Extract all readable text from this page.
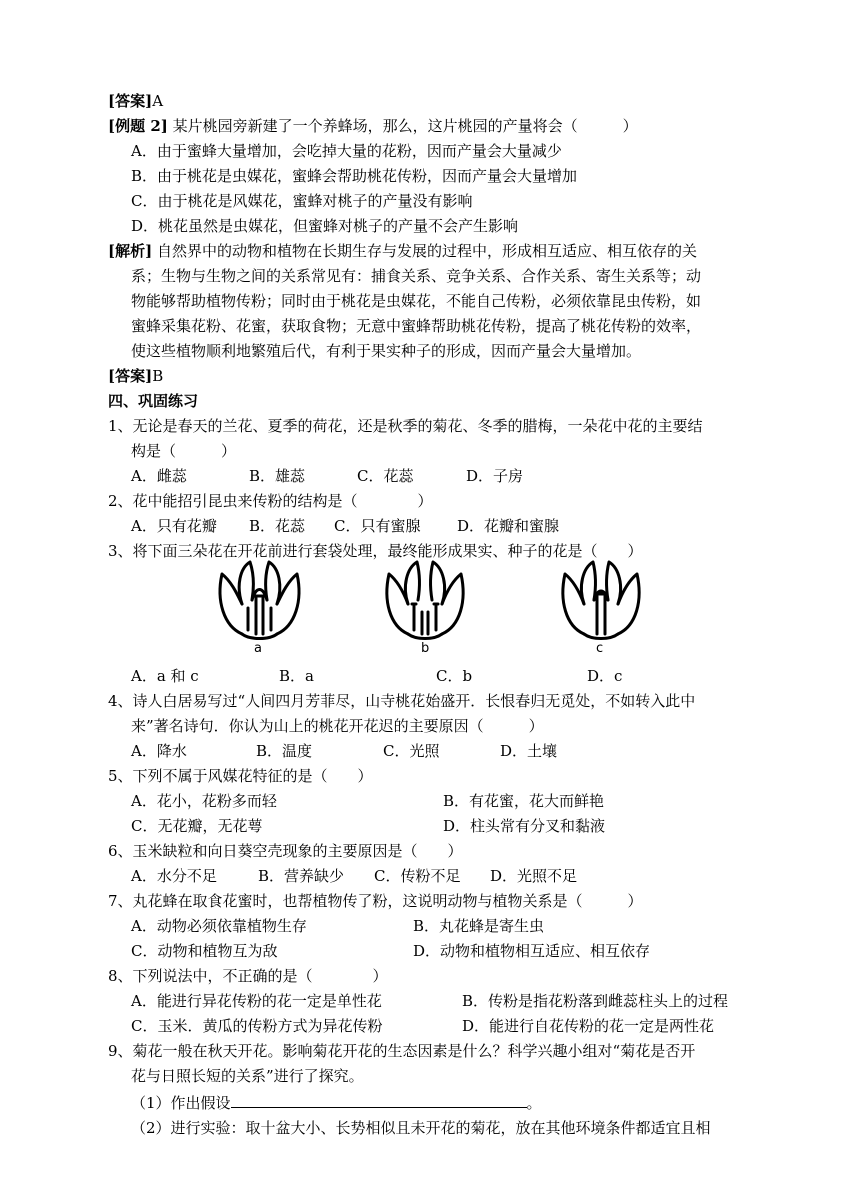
[答案]A
[例题 2] 某片桃园旁新建了一个养蜂场，那么，这片桃园的产量将会（　　　）
A．由于蜜蜂大量增加，会吃掉大量的花粉，因而产量会大量减少
B．由于桃花是虫媒花，蜜蜂会帮助桃花传粉，因而产量会大量增加
C．由于桃花是风媒花，蜜蜂对桃子的产量没有影响
D．桃花虽然是虫媒花，但蜜蜂对桃子的产量不会产生影响
[解析] 自然界中的动物和植物在长期生存与发展的过程中，形成相互适应、相互依存的关
系；生物与生物之间的关系常见有：捕食关系、竞争关系、合作关系、寄生关系等；动
物能够帮助植物传粉；同时由于桃花是虫媒花，不能自己传粉，必须依靠昆虫传粉，如
蜜蜂采集花粉、花蜜，获取食物；无意中蜜蜂帮助桃花传粉，提高了桃花传粉的效率，
使这些植物顺利地繁殖后代，有利于果实种子的形成，因而产量会大量增加。
[答案]B
四、巩固练习
1、无论是春天的兰花、夏季的荷花，还是秋季的菊花、冬季的腊梅，一朵花中花的主要结
构是（　　　）
A．雌蕊	B．雄蕊	C．花蕊	D．子房
2、花中能招引昆虫来传粉的结构是（　　　　）
A．只有花瓣 B．花蕊 C．只有蜜腺 D．花瓣和蜜腺
3、将下面三朵花在开花前进行套袋处理，最终能形成果实、种子的花是（　　）
a	b	c
A．a 和 c	B．a	C．b	D．c
4、诗人白居易写过“人间四月芳菲尽，山寺桃花始盛开．长恨春归无觅处，不如转入此中
来”著名诗句．你认为山上的桃花开花迟的主要原因（　　　）
A．降水	B．温度	C．光照	D．土壤
5、下列不属于风媒花特征的是（　　）
A．花小，花粉多而轻	B．有花蜜，花大而鲜艳
C．无花瓣，无花萼	D．柱头常有分叉和黏液
6、玉米缺粒和向日葵空壳现象的主要原因是（　　）
A．水分不足	B．营养缺少 C．传粉不足 D．光照不足
7、丸花蜂在取食花蜜时，也帮植物传了粉，这说明动物与植物关系是（　　　）
A．动物必须依靠植物生存	B．丸花蜂是寄生虫
C．动物和植物互为敌	D．动物和植物相互适应、相互依存
8、下列说法中，不正确的是（　　　　）
A．能进行异花传粉的花一定是单性花	B．传粉是指花粉落到雌蕊柱头上的过程
C．玉米．黄瓜的传粉方式为异花传粉	D．能进行自花传粉的花一定是两性花
9、菊花一般在秋天开花。影响菊花开花的生态因素是什么？科学兴趣小组对“菊花是否开
花与日照长短的关系”进行了探究。
（1）作出假设	。
（2）进行实验：取十盆大小、长势相似且未开花的菊花，放在其他环境条件都适宜且相
